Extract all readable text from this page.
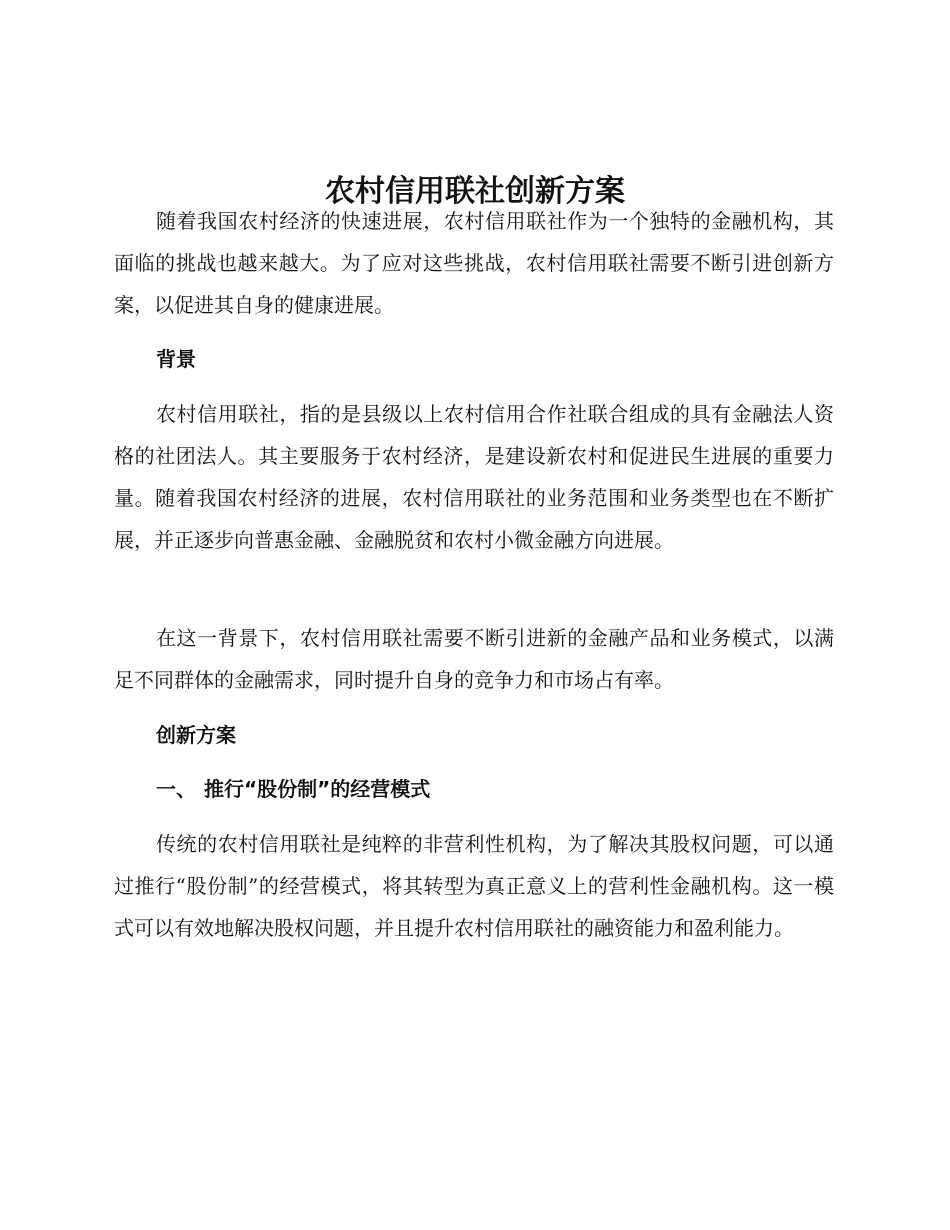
农村信用联社创新方案

随着我国农村经济的快速进展，农村信用联社作为一个独特的金融机构，其面临的挑战也越来越大。为了应对这些挑战，农村信用联社需要不断引进创新方案，以促进其自身的健康进展。

背景

农村信用联社，指的是县级以上农村信用合作社联合组成的具有金融法人资格的社团法人。其主要服务于农村经济，是建设新农村和促进民生进展的重要力量。随着我国农村经济的进展，农村信用联社的业务范围和业务类型也在不断扩展，并正逐步向普惠金融、金融脱贫和农村小微金融方向进展。

在这一背景下，农村信用联社需要不断引进新的金融产品和业务模式，以满足不同群体的金融需求，同时提升自身的竞争力和市场占有率。

创新方案
一、 推行“股份制”的经营模式

传统的农村信用联社是纯粹的非营利性机构，为了解决其股权问题，可以通过推行“股份制”的经营模式，将其转型为真正意义上的营利性金融机构。这一模式可以有效地解决股权问题，并且提升农村信用联社的融资能力和盈利能力。
